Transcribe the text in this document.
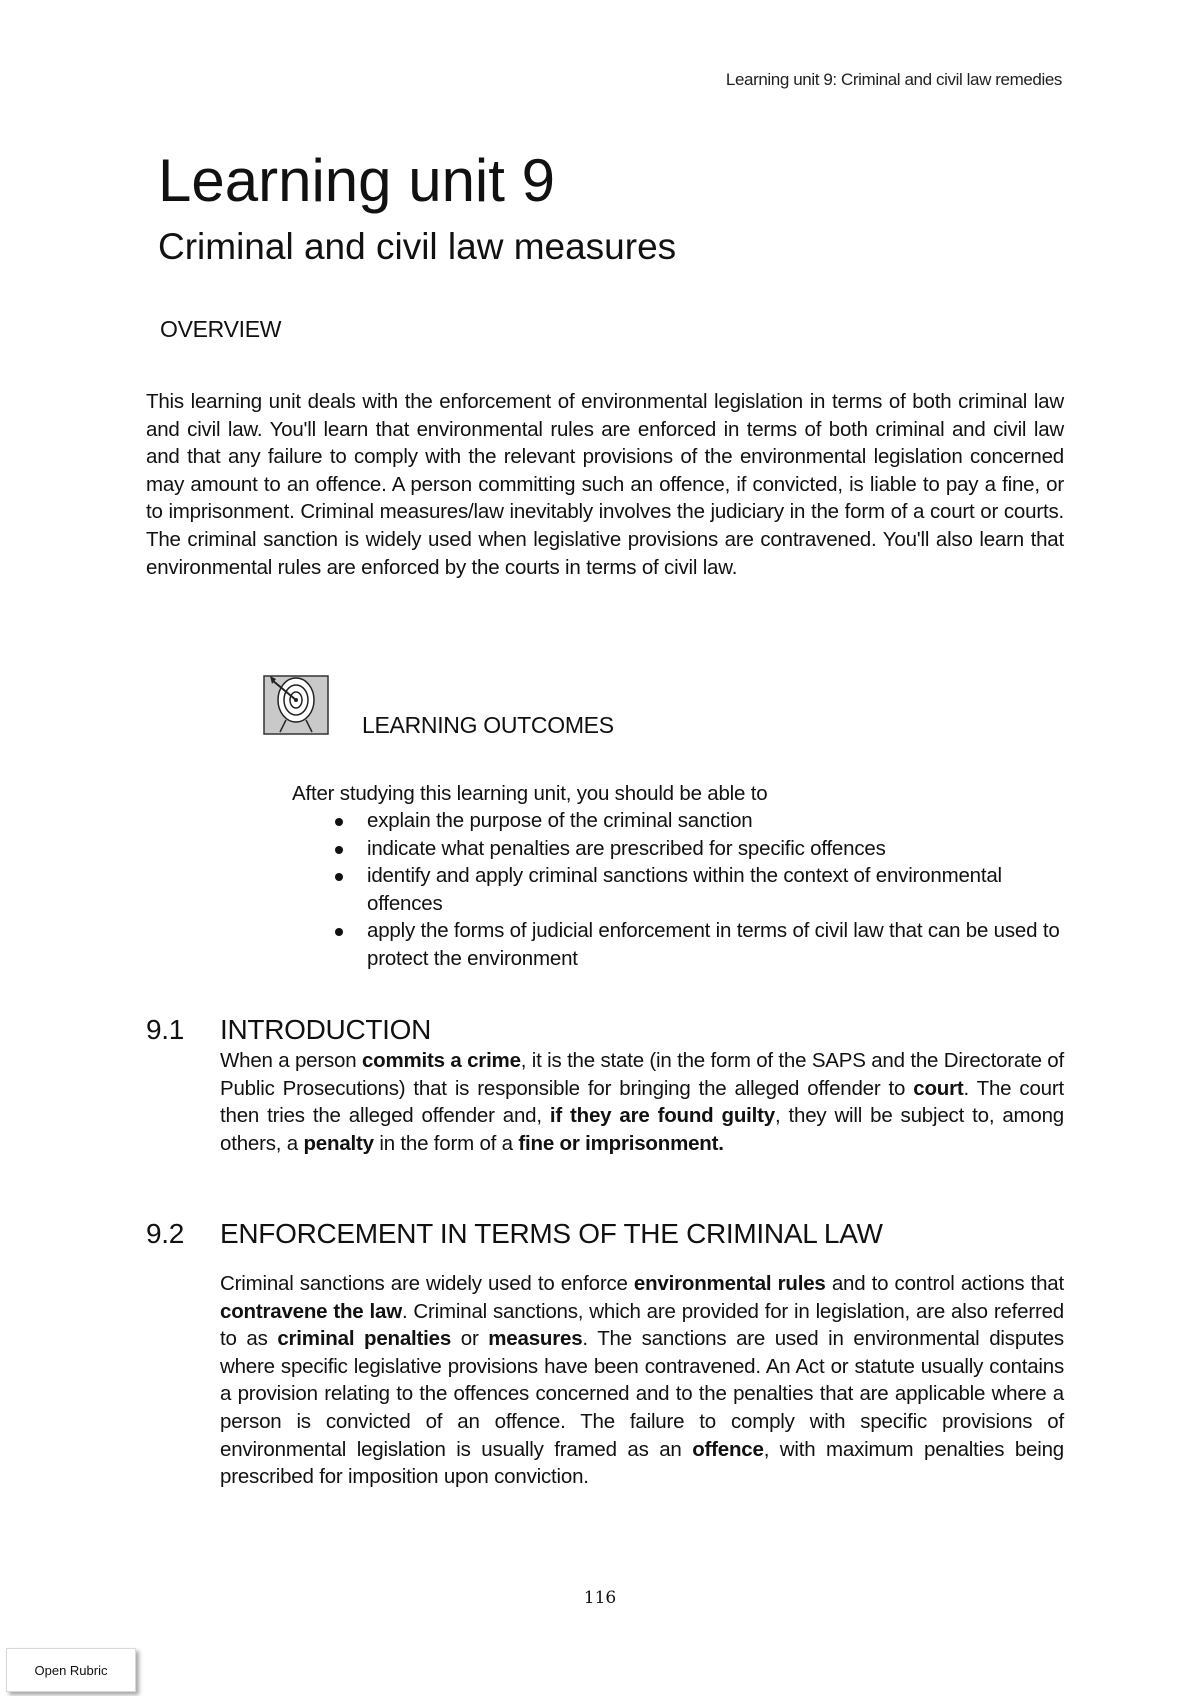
Learning unit 9: Criminal and civil law remedies
Learning unit 9
Criminal and civil law measures
OVERVIEW

This learning unit deals with the enforcement of environmental legislation in terms of both criminal law and civil law. You'll learn that environmental rules are enforced in terms of both criminal and civil law and that any failure to comply with the relevant provisions of the environmental legislation concerned may amount to an offence. A person committing such an offence, if convicted, is liable to pay a fine, or to imprisonment. Criminal measures/law inevitably involves the judiciary in the form of a court or courts. The criminal sanction is widely used when legislative provisions are contravened. You'll also learn that environmental rules are enforced by the courts in terms of civil law.

LEARNING OUTCOMES
After studying this learning unit, you should be able to
explain the purpose of the criminal sanction
indicate what penalties are prescribed for specific offences
identify and apply criminal sanctions within the context of environmental offences
apply the forms of judicial enforcement in terms of civil law that can be used to protect the environment
9.1 INTRODUCTION

When a person commits a crime, it is the state (in the form of the SAPS and the Directorate of Public Prosecutions) that is responsible for bringing the alleged offender to court. The court then tries the alleged offender and, if they are found guilty, they will be subject to, among others, a penalty in the form of a fine or imprisonment.

9.2 ENFORCEMENT IN TERMS OF THE CRIMINAL LAW

Criminal sanctions are widely used to enforce environmental rules and to control actions that contravene the law. Criminal sanctions, which are provided for in legislation, are also referred to as criminal penalties or measures. The sanctions are used in environmental disputes where specific legislative provisions have been contravened. An Act or statute usually contains a provision relating to the offences concerned and to the penalties that are applicable where a person is convicted of an offence. The failure to comply with specific provisions of environmental legislation is usually framed as an offence, with maximum penalties being prescribed for imposition upon conviction.

116
Open Rubric
